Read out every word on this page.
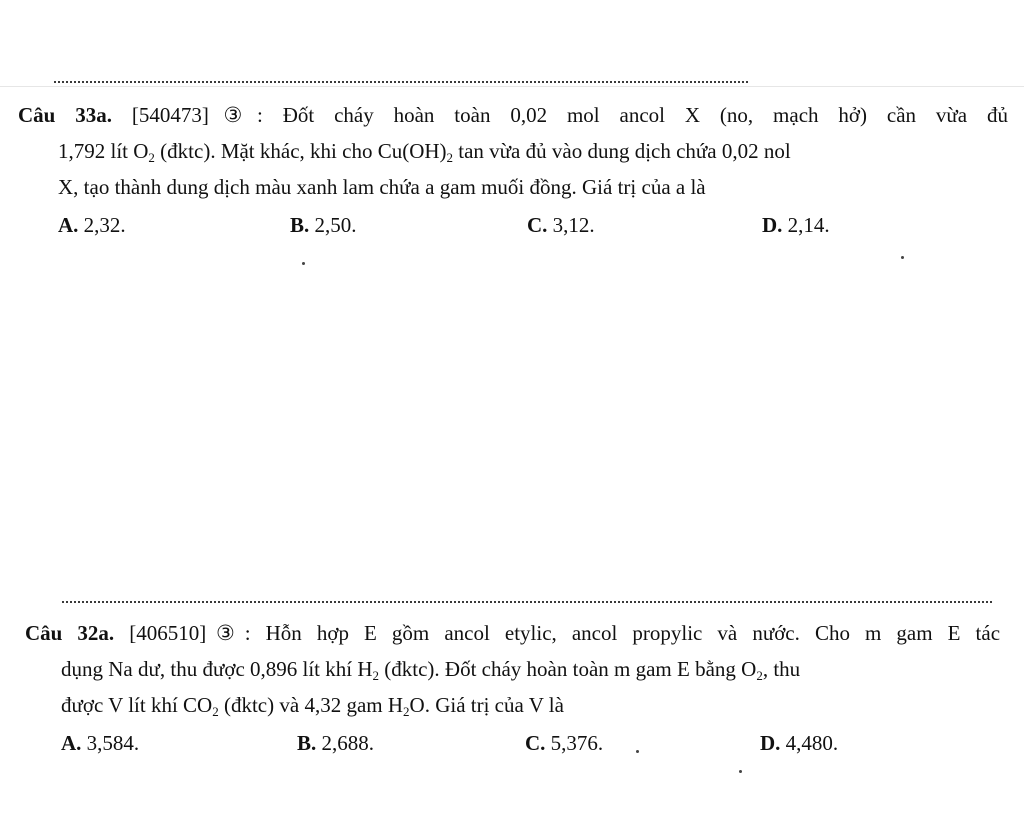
Câu 33a. [540473]③: Đốt cháy hoàn toàn 0,02 mol ancol X (no, mạch hở) cần vừa đủ
1,792 lít $O_2$ (đktc). Mặt khác, khi cho $Cu(OH)_2$ tan vừa đủ vào dung dịch chứa 0,02 nol
X, tạo thành dung dịch màu xanh lam chứa a gam muối đồng. Giá trị của a là
A. 2,32.	B. 2,50.	C. 3,12.	D. 2,14.
Câu 32a. [406510]③: Hỗn hợp E gồm ancol etylic, ancol propylic và nước. Cho m gam E tác
dụng Na dư, thu được 0,896 lít khí $H_2$ (đktc). Đốt cháy hoàn toàn m gam E bằng $O_2$, thu
được V lít khí $CO_2$ (đktc) và 4,32 gam $H_2O$. Giá trị của V là
A. 3,584.	B. 2,688.	C. 5,376.	D. 4,480.
